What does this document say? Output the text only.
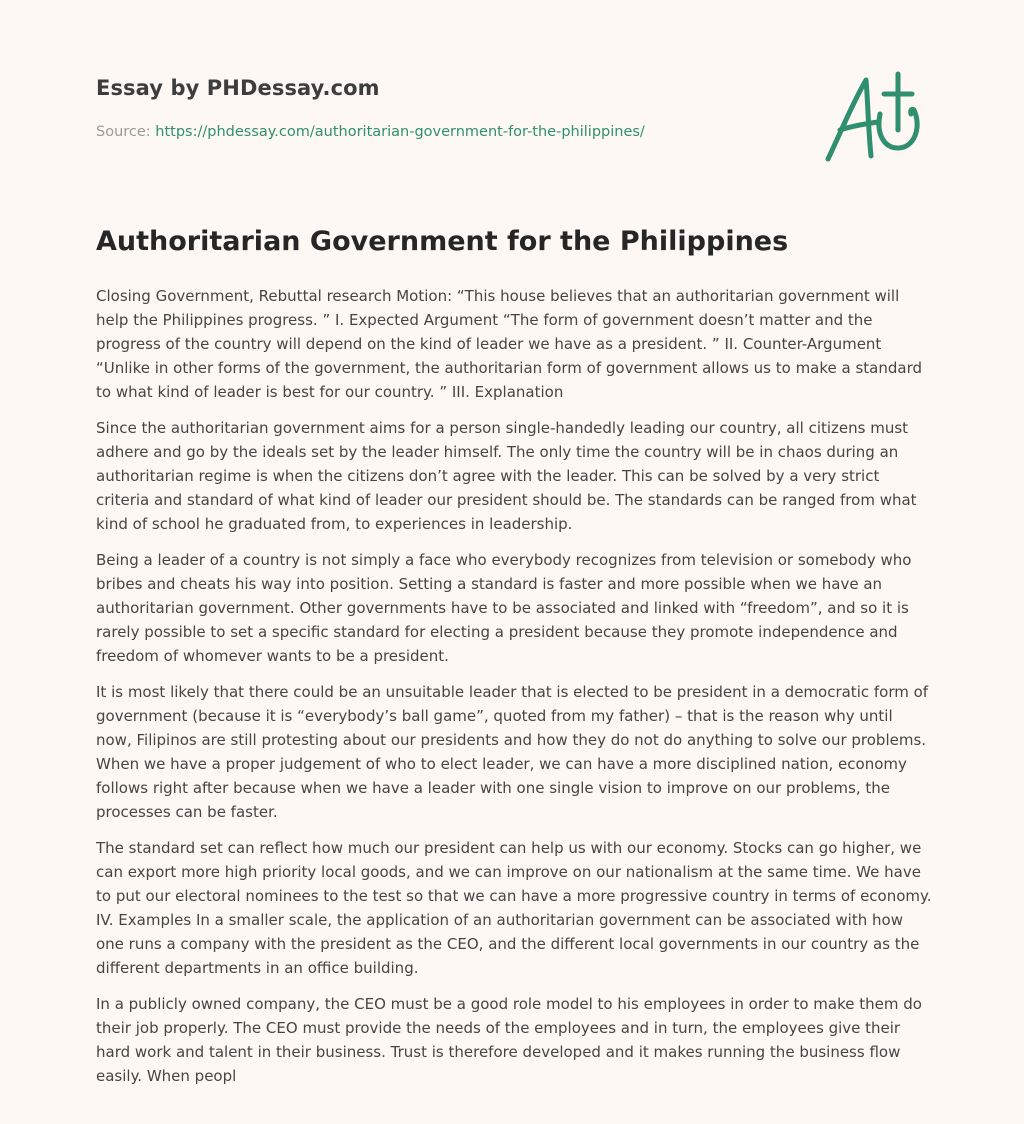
Essay by PHDessay.com
Source: https://phdessay.com/authoritarian-government-for-the-philippines/
Authoritarian Government for the Philippines

Closing Government, Rebuttal research Motion: “This house believes that an authoritarian government will help the Philippines progress. ” I. Expected Argument “The form of government doesn’t matter and the progress of the country will depend on the kind of leader we have as a president. ” II. Counter-Argument “Unlike in other forms of the government, the authoritarian form of government allows us to make a standard to what kind of leader is best for our country. ” III. Explanation

Since the authoritarian government aims for a person single-handedly leading our country, all citizens must adhere and go by the ideals set by the leader himself. The only time the country will be in chaos during an authoritarian regime is when the citizens don’t agree with the leader. This can be solved by a very strict criteria and standard of what kind of leader our president should be. The standards can be ranged from what kind of school he graduated from, to experiences in leadership.

Being a leader of a country is not simply a face who everybody recognizes from television or somebody who bribes and cheats his way into position. Setting a standard is faster and more possible when we have an authoritarian government. Other governments have to be associated and linked with “freedom”, and so it is rarely possible to set a specific standard for electing a president because they promote independence and freedom of whomever wants to be a president.

It is most likely that there could be an unsuitable leader that is elected to be president in a democratic form of government (because it is “everybody’s ball game”, quoted from my father) – that is the reason why until now, Filipinos are still protesting about our presidents and how they do not do anything to solve our problems. When we have a proper judgement of who to elect leader, we can have a more disciplined nation, economy follows right after because when we have a leader with one single vision to improve on our problems, the processes can be faster.

The standard set can reflect how much our president can help us with our economy. Stocks can go higher, we can export more high priority local goods, and we can improve on our nationalism at the same time. We have to put our electoral nominees to the test so that we can have a more progressive country in terms of economy. IV. Examples In a smaller scale, the application of an authoritarian government can be associated with how one runs a company with the president as the CEO, and the different local governments in our country as the different departments in an office building.

In a publicly owned company, the CEO must be a good role model to his employees in order to make them do their job properly. The CEO must provide the needs of the employees and in turn, the employees give their hard work and talent in their business. Trust is therefore developed and it makes running the business flow easily. When peopl
